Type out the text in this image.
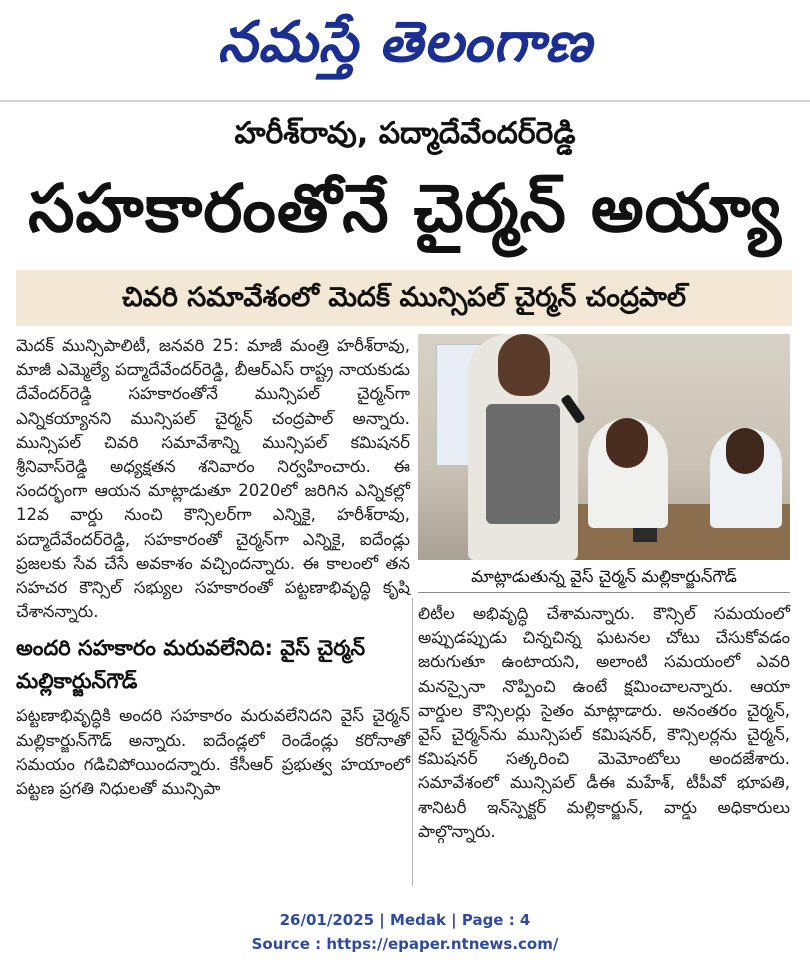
నమస్తే తెలంగాణ
హరీశ్‌రావు, పద్మాదేవేందర్‌రెడ్డి
సహకారంతోనే చైర్మన్ అయ్యా
చివరి సమావేశంలో మెదక్ మున్సిపల్ చైర్మన్ చంద్రపాల్

మెదక్ మున్సిపాలిటీ, జనవరి 25: మాజీ మంత్రి హరీశ్‌రావు, మాజీ ఎమ్మెల్యే పద్మాదేవేందర్‌రెడ్డి, బీఆర్‌ఎస్ రాష్ట్ర నాయకుడు దేవేందర్‌రెడ్డి సహకారంతోనే మున్సిపల్ చైర్మన్‌గా ఎన్నికయ్యానని మున్సిపల్ చైర్మన్ చంద్రపాల్ అన్నారు. మున్సిపల్ చివరి సమావేశాన్ని మున్సిపల్ కమిషనర్ శ్రీనివాస్‌రెడ్డి అధ్యక్షతన శనివారం నిర్వహించారు. ఈ సందర్భంగా ఆయన మాట్లాడుతూ 2020లో జరిగిన ఎన్నికల్లో 12వ వార్డు నుంచి కౌన్సిలర్‌గా ఎన్నికై, హరీశ్‌రావు, పద్మాదేవేందర్‌రెడ్డి, సహకారంతో చైర్మన్‌గా ఎన్నికై, ఐదేండ్లు ప్రజలకు సేవ చేసే అవకాశం వచ్చిందన్నారు. ఈ కాలంలో తన సహచర కౌన్సిల్ సభ్యుల సహకారంతో పట్టణాభివృద్ధి కృషి చేశానన్నారు.

అందరి సహకారం మరువలేనిది: వైస్ చైర్మన్ మల్లికార్జున్‌గౌడ్

పట్టణాభివృద్ధికి అందరి సహకారం మరువలేనిదని వైస్ చైర్మన్ మల్లికార్జున్‌గౌడ్ అన్నారు. ఐదేండ్లలో రెండేండ్లు కరోనాతో సమయం గడిచిపోయిందన్నారు. కేసీఆర్ ప్రభుత్వ హయాంలో పట్టణ ప్రగతి నిధులతో మున్సిపా

మాట్లాడుతున్న వైస్ చైర్మన్ మల్లికార్జున్‌గౌడ్

లిటీల అభివృద్ధి చేశామన్నారు. కౌన్సిల్ సమయంలో అప్పుడప్పుడు చిన్నచిన్న ఘటనల చోటు చేసుకోవడం జరుగుతూ ఉంటాయని, అలాంటి సమయంలో ఎవరి మనస్సైనా నొప్పించి ఉంటే క్షమించాలన్నారు. ఆయా వార్డుల కౌన్సిలర్లు సైతం మాట్లాడారు. అనంతరం చైర్మన్, వైస్ చైర్మన్‌ను మున్సిపల్ కమిషనర్, కౌన్సిలర్లను చైర్మన్, కమిషనర్ సత్కరించి మెమోంటోలు అందజేశారు. సమావేశంలో మున్సిపల్ డీఈ మహేశ్, టీపీవో భూపతి, శానిటరీ ఇన్‌స్పెక్టర్ మల్లికార్జున్, వార్డు అధికారులు పాల్గొన్నారు.

26/01/2025 | Medak | Page : 4
Source : https://epaper.ntnews.com/
